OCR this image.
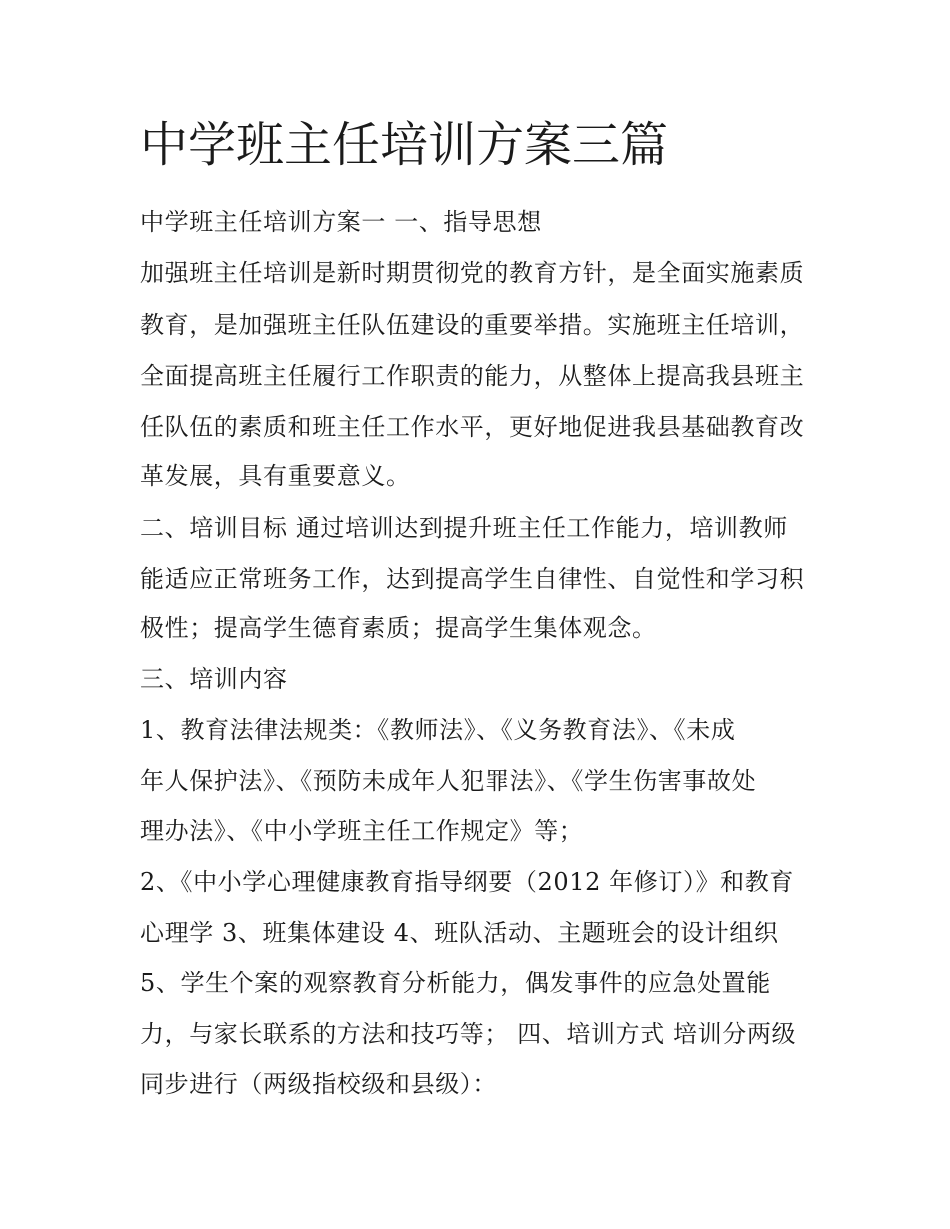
中学班主任培训方案三篇
中学班主任培训方案一 一、指导思想
加强班主任培训是新时期贯彻党的教育方针，是全面实施素质
教育，是加强班主任队伍建设的重要举措。实施班主任培训，
全面提高班主任履行工作职责的能力，从整体上提高我县班主
任队伍的素质和班主任工作水平，更好地促进我县基础教育改
革发展，具有重要意义。
二、培训目标 通过培训达到提升班主任工作能力，培训教师
能适应正常班务工作，达到提高学生自律性、自觉性和学习积
极性；提高学生德育素质；提高学生集体观念。
三、培训内容
1、教育法律法规类：《教师法》、《义务教育法》、《未成
年人保护法》、《预防未成年人犯罪法》、《学生伤害事故处
理办法》、《中小学班主任工作规定》等；
2、《中小学心理健康教育指导纲要（2012 年修订）》和教育
心理学 3、班集体建设 4、班队活动、主题班会的设计组织
5、学生个案的观察教育分析能力，偶发事件的应急处置能
力，与家长联系的方法和技巧等； 四、培训方式 培训分两级
同步进行（两级指校级和县级）：
